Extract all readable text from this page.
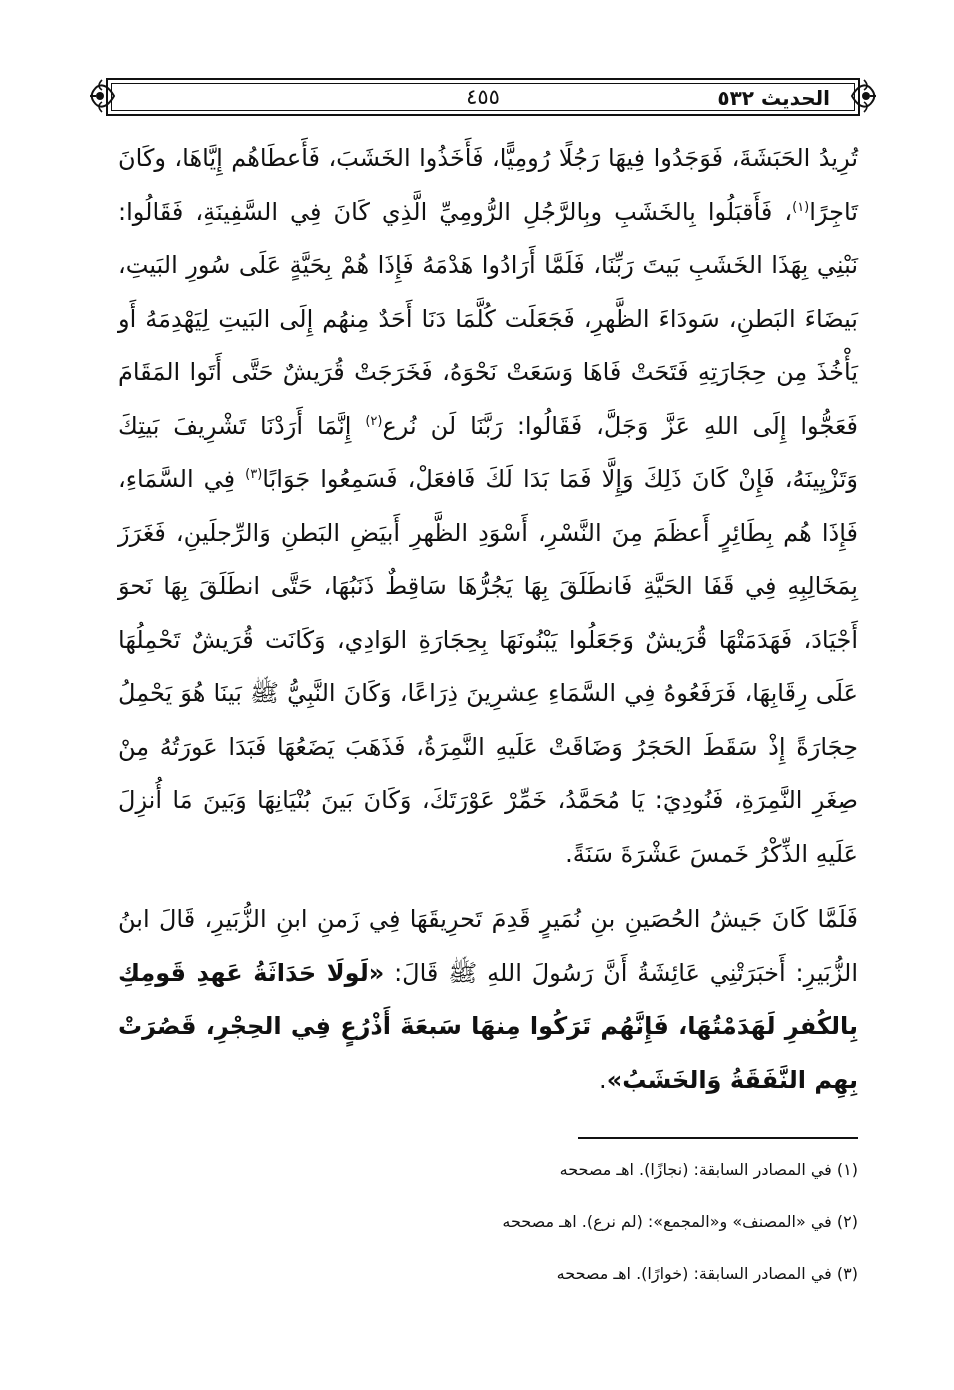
٤٥٥	الحديث ٥٣٢

تُرِيدُ الحَبَشَةَ، فَوَجَدُوا فِيهَا رَجُلًا رُومِيًّا، فَأَخَذُوا الخَشَبَ، فَأَعطَاهُم إِيَّاهَا، وكَانَ تَاجِرًا$^{(١)}$، فَأَقبَلُوا بِالخَشَبِ وبِالرَّجُلِ الرُّومِيِّ الَّذِي كَانَ فِي السَّفِينَةِ، فَقَالُوا: نَبْنِي بِهَذَا الخَشَبِ بَيتَ رَبِّنَا، فَلَمَّا أَرَادُوا هَدْمَهُ فَإِذَا هُمْ بِحَيَّةٍ عَلَى سُورِ البَيتِ، بَيضَاءَ البَطنِ، سَودَاءَ الظَّهرِ، فَجَعَلَت كُلَّمَا دَنَا أَحَدٌ مِنهُم إِلَى البَيتِ لِيَهْدِمَهُ أَو يَأْخُذَ مِن حِجَارَتِهِ فَتَحَتْ فَاهَا وَسَعَتْ نَحْوَهُ، فَخَرَجَتْ قُرَيشٌ حَتَّى أَتَوا المَقَامَ فَعَجُّوا إِلَى اللهِ عَزَّ وَجَلَّ، فَقَالُوا: رَبَّنَا لَن نُرع$^{(٢)}$ إِنَّمَا أَرَدْنَا تَشْرِيفَ بَيتِكَ وَتَزْيِينَهُ، فَإِنْ كَانَ ذَلِكَ وَإِلَّا فَمَا بَدَا لَكَ فَافعَلْ، فَسَمِعُوا جَوَابًا$^{(٣)}$ فِي السَّمَاءِ، فَإِذَا هُم بِطَائِرٍ أَعظَمَ مِنَ النَّسْرِ، أَسْوَدِ الظَّهرِ أَبيَضِ البَطنِ وَالرِّجلَينِ، فَغَرَزَ بِمَخَالِبِهِ فِي قَفَا الحَيَّةِ فَانطَلَقَ بِهَا يَجُرُّهَا سَاقِطٌ ذَنَبُهَا، حَتَّى انطَلَقَ بِهَا نَحوَ أَجْيَادَ، فَهَدَمَتْهَا قُرَيشٌ وَجَعَلُوا يَبْنُونَهَا بِحِجَارَةِ الوَادِي، وَكَانَت قُرَيشٌ تَحْمِلُهَا عَلَى رِقَابِهَا، فَرَفَعُوهُ فِي السَّمَاءِ عِشرِينَ ذِرَاعًا، وَكَانَ النَّبِيُّ ﷺ بَينَا هُوَ يَحْمِلُ حِجَارَةً إِذْ سَقَطَ الحَجَرُ وَضَاقَتْ عَلَيهِ النَّمِرَةُ، فَذَهَبَ يَضَعُهَا فَبَدَا عَورَتُهُ مِنْ صِغَرِ النَّمِرَةِ، فَنُودِيَ: يَا مُحَمَّدُ، خَمِّرْ عَوْرَتَكَ، وَكَانَ بَينَ بُنْيَانِهَا وَبَينَ مَا أُنزِلَ عَلَيهِ الذِّكْرُ خَمسَ عَشْرَةَ سَنَةً.

فَلَمَّا كَانَ جَيشُ الحُصَينِ بنِ نُمَيرٍ قَدِمَ تَحرِيقَهَا فِي زَمنِ ابنِ الزُّبَيرِ، قَالَ ابنُ الزُّبَيرِ: أَخبَرَتْنِي عَائِشَةُ أَنَّ رَسُولَ اللهِ ﷺ قَالَ: «لَولَا حَدَاثَةُ عَهدِ قَومِكِ بِالكُفرِ لَهَدَمْتُهَا، فَإِنَّهُم تَرَكُوا مِنهَا سَبعَةَ أَذْرُعٍ فِي الحِجْرِ، قَصُرَتْ بِهِم النَّفَقَةُ وَالخَشَبُ».

(١) في المصادر السابقة: (نجازًا). اهـ مصححه
(٢) في «المصنف» و«المجمع»: (لم نرع). اهـ مصححه
(٣) في المصادر السابقة: (خوارًا). اهـ مصححه
